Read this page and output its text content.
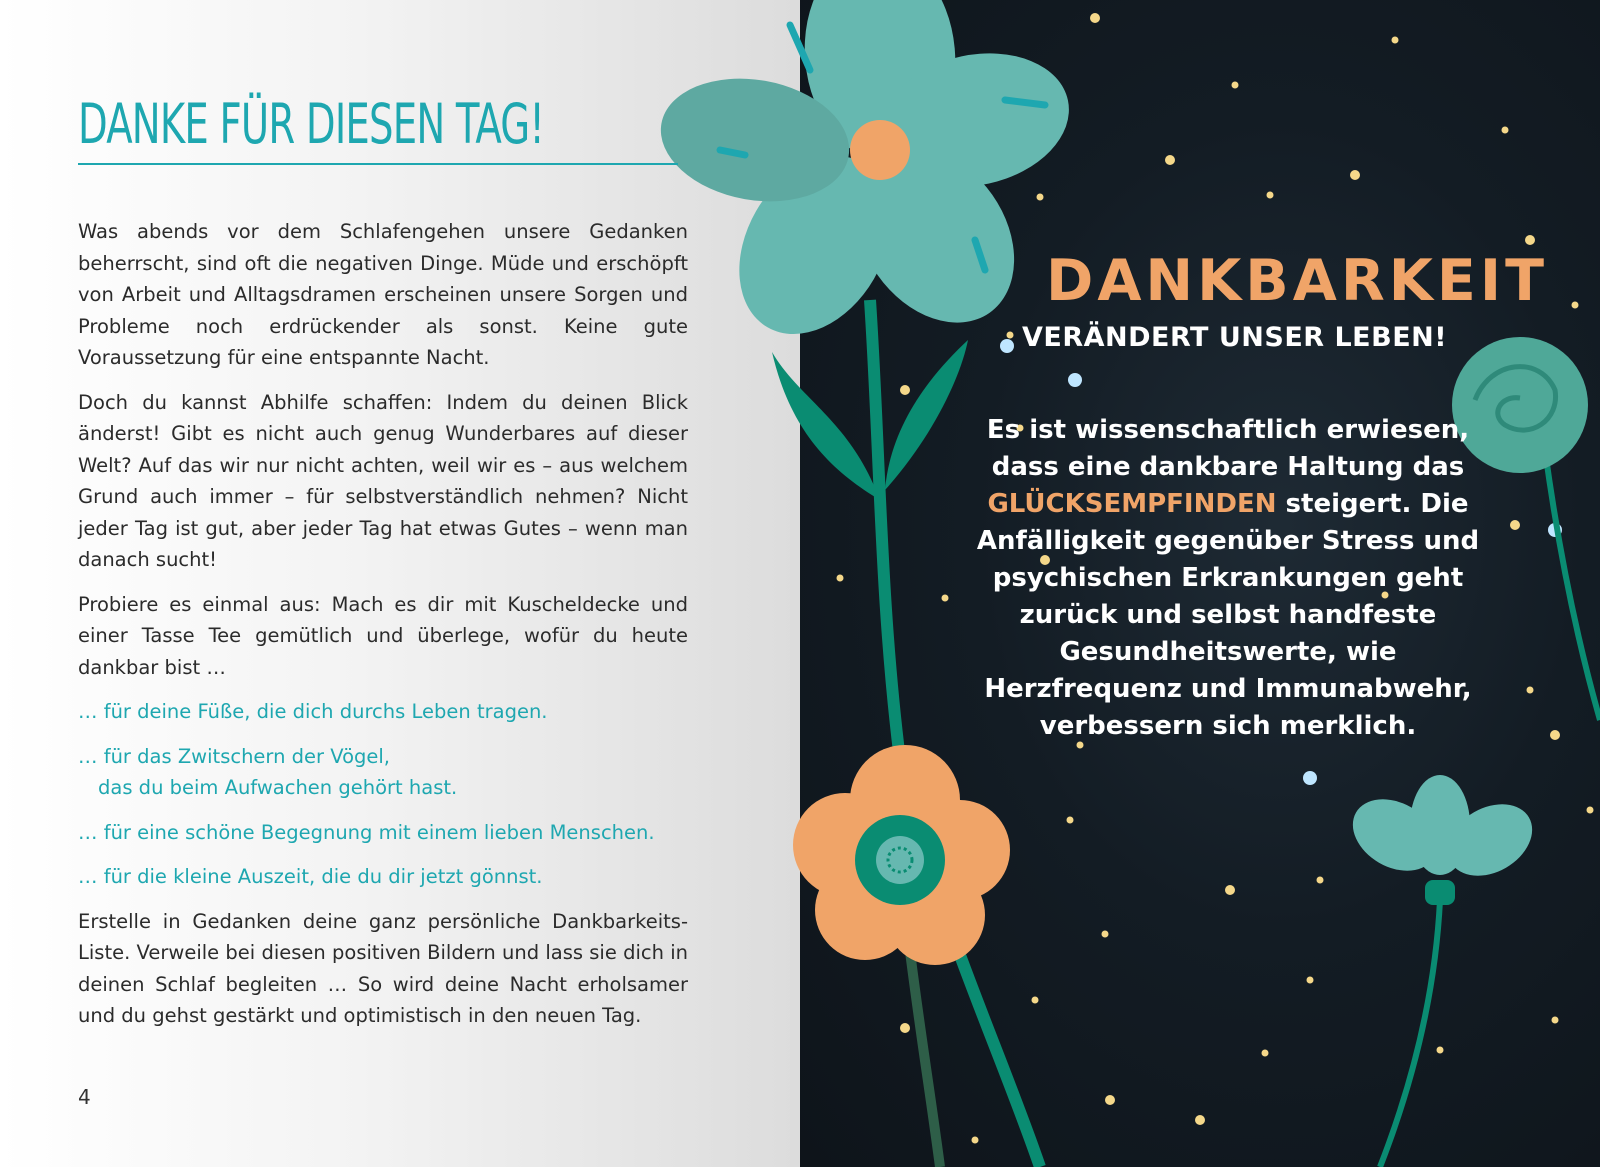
DANKE FÜR DIESEN TAG!

Was abends vor dem Schlafengehen unsere Gedanken beherrscht, sind oft die negativen Dinge. Müde und erschöpft von Arbeit und Alltagsdramen erscheinen unsere Sorgen und Probleme noch erdrückender als sonst. Keine gute Voraussetzung für eine entspannte Nacht.

Doch du kannst Abhilfe schaffen: Indem du deinen Blick änderst! Gibt es nicht auch genug Wunderbares auf dieser Welt? Auf das wir nur nicht achten, weil wir es – aus welchem Grund auch immer – für selbstverständlich nehmen? Nicht jeder Tag ist gut, aber jeder Tag hat etwas Gutes – wenn man danach sucht!

Probiere es einmal aus: Mach es dir mit Kuscheldecke und einer Tasse Tee gemütlich und überlege, wofür du heute dankbar bist …

… für deine Füße, die dich durchs Leben tragen.

… für das Zwitschern der Vögel,
das du beim Aufwachen gehört hast.

… für eine schöne Begegnung mit einem lieben Menschen.

… für die kleine Auszeit, die du dir jetzt gönnst.

Erstelle in Gedanken deine ganz persönliche Dankbarkeits-Liste. Verweile bei diesen positiven Bildern und lass sie dich in deinen Schlaf begleiten … So wird deine Nacht erholsamer und du gehst gestärkt und optimistisch in den neuen Tag.

4
DANKBARKEIT
VERÄNDERT UNSER LEBEN!
Es ist wissenschaftlich erwiesen, dass eine dankbare Haltung das GLÜCKSEMPFINDEN steigert. Die Anfälligkeit gegenüber Stress und psychischen Erkrankungen geht zurück und selbst handfeste Gesundheitswerte, wie Herzfrequenz und Immunabwehr, verbessern sich merklich.
